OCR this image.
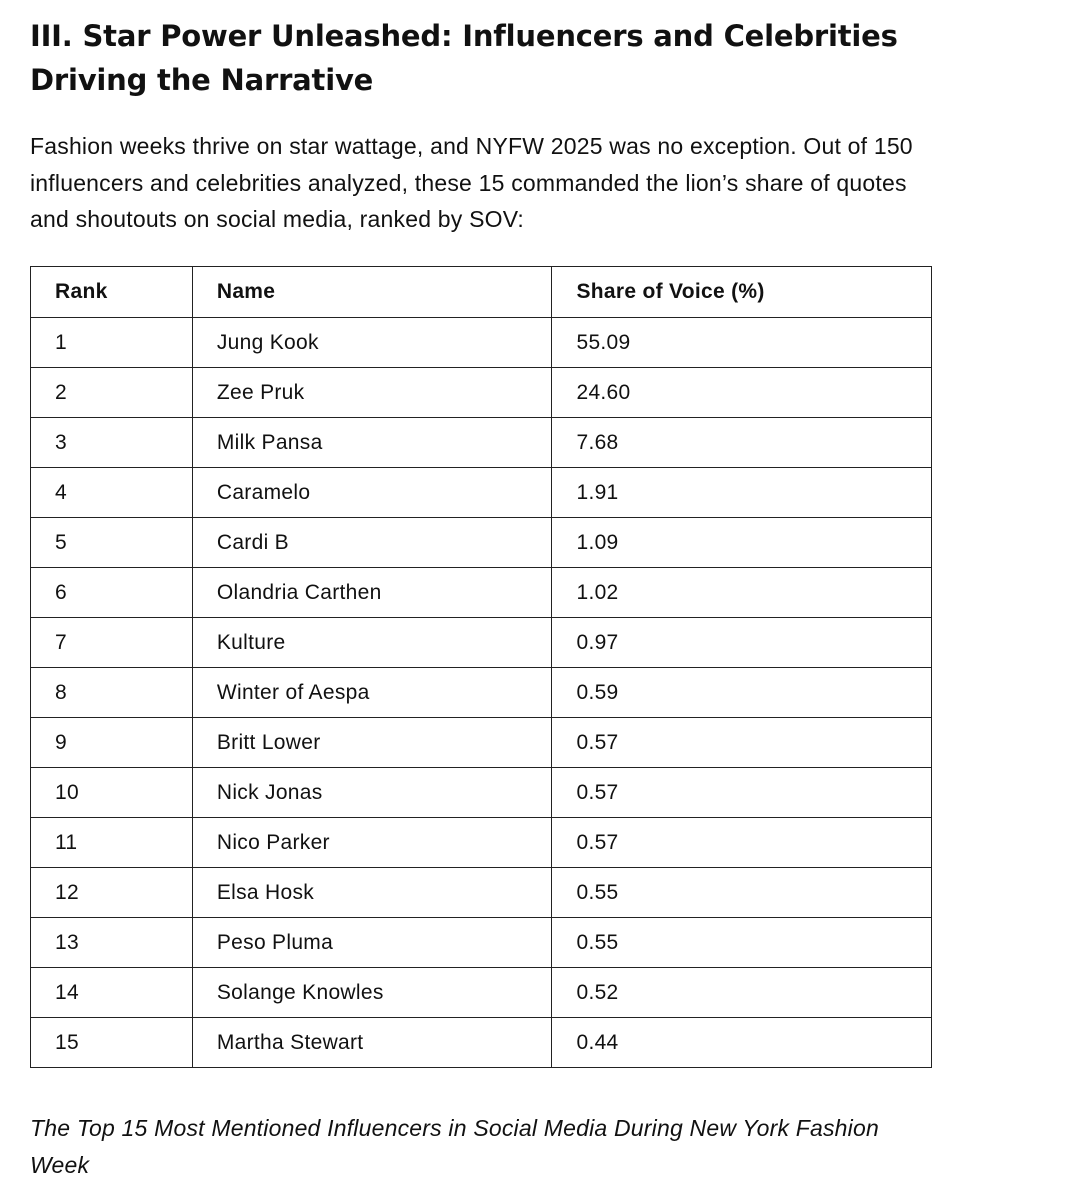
III. Star Power Unleashed: Influencers and Celebrities Driving the Narrative

Fashion weeks thrive on star wattage, and NYFW 2025 was no exception. Out of 150 influencers and celebrities analyzed, these 15 commanded the lion’s share of quotes and shoutouts on social media, ranked by SOV:

Rank	Name	Share of Voice (%)
1	Jung Kook	55.09
2	Zee Pruk	24.60
3	Milk Pansa	7.68
4	Caramelo	1.91
5	Cardi B	1.09
6	Olandria Carthen	1.02
7	Kulture	0.97
8	Winter of Aespa	0.59
9	Britt Lower	0.57
10	Nick Jonas	0.57
11	Nico Parker	0.57
12	Elsa Hosk	0.55
13	Peso Pluma	0.55
14	Solange Knowles	0.52
15	Martha Stewart	0.44

The Top 15 Most Mentioned Influencers in Social Media During New York Fashion Week
